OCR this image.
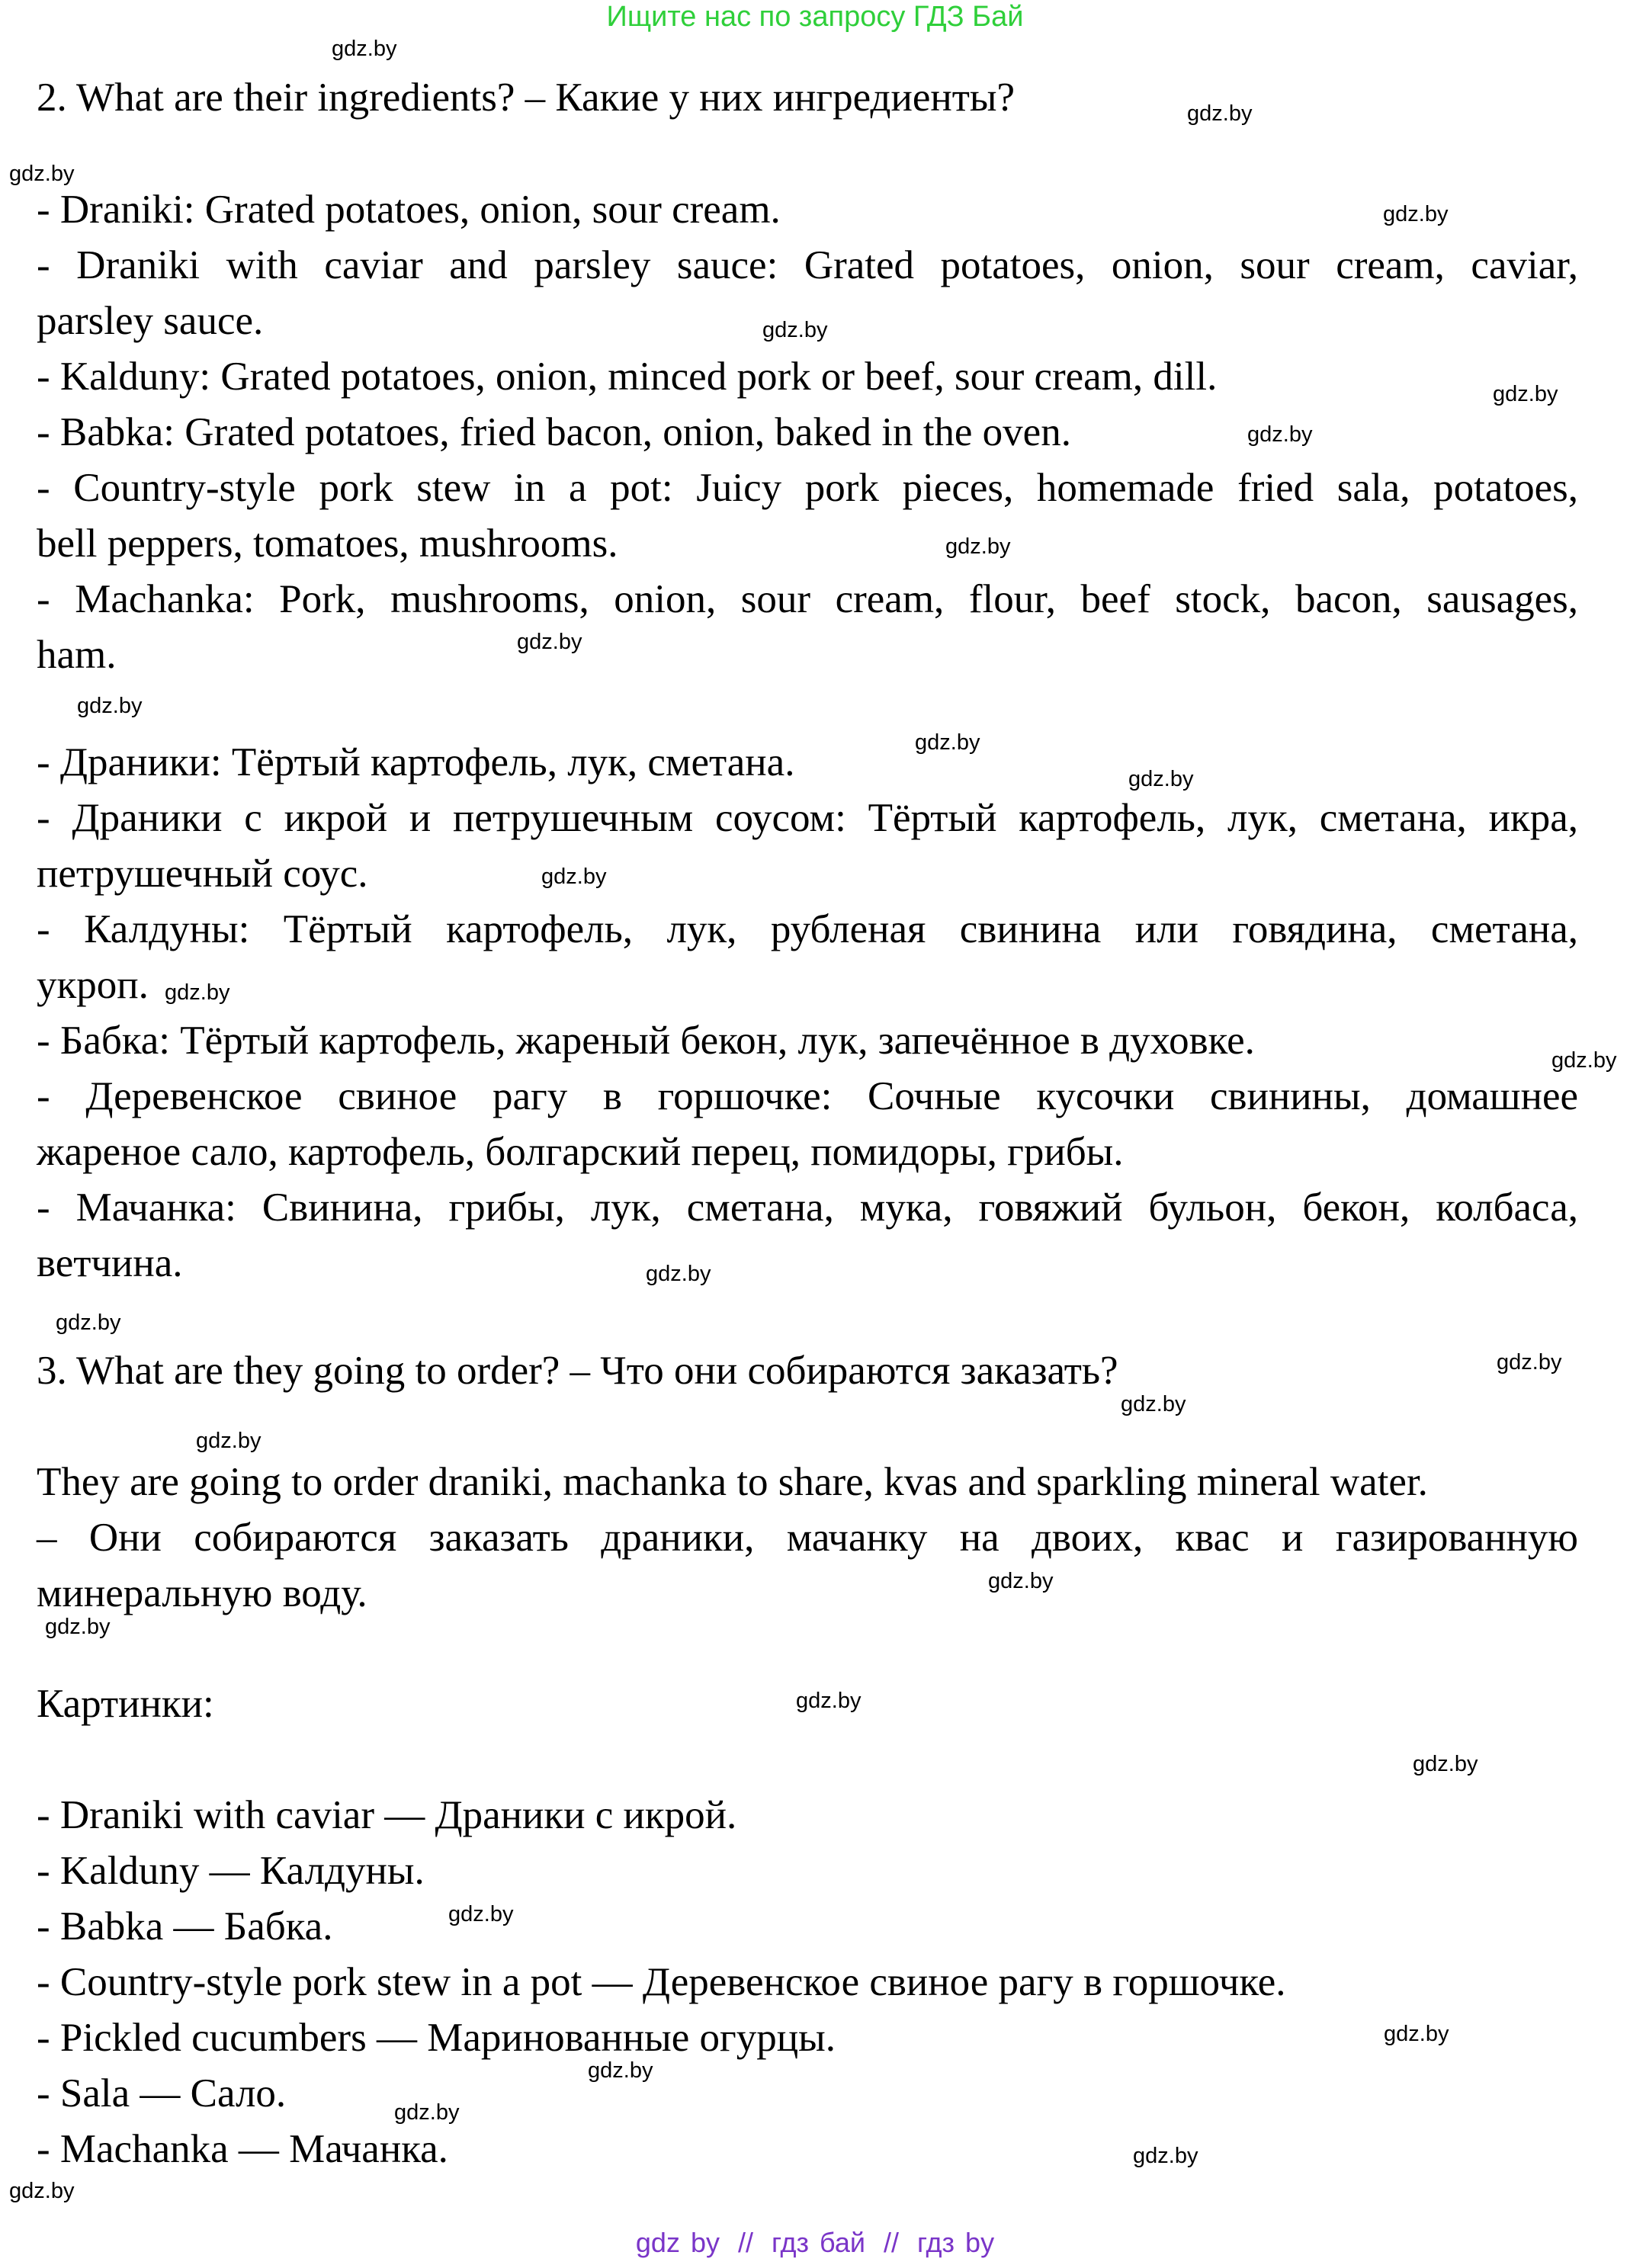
Ищите нас по запросу ГДЗ Бай
2. What are their ingredients? – Какие у них ингредиенты?
- Draniki: Grated potatoes, onion, sour cream.
- Draniki with caviar and parsley sauce: Grated potatoes, onion, sour cream, caviar,
parsley sauce.
- Kalduny: Grated potatoes, onion, minced pork or beef, sour cream, dill.
- Babka: Grated potatoes, fried bacon, onion, baked in the oven.
- Country-style pork stew in a pot: Juicy pork pieces, homemade fried sala, potatoes,
bell peppers, tomatoes, mushrooms.
- Machanka: Pork, mushrooms, onion, sour cream, flour, beef stock, bacon, sausages,
ham.
- Драники: Тёртый картофель, лук, сметана.
- Драники с икрой и петрушечным соусом: Тёртый картофель, лук, сметана, икра,
петрушечный соус.
- Калдуны: Тёртый картофель, лук, рубленая свинина или говядина, сметана,
укроп.
- Бабка: Тёртый картофель, жареный бекон, лук, запечённое в духовке.
- Деревенское свиное рагу в горшочке: Сочные кусочки свинины, домашнее
жареное сало, картофель, болгарский перец, помидоры, грибы.
- Мачанка: Свинина, грибы, лук, сметана, мука, говяжий бульон, бекон, колбаса,
ветчина.
3. What are they going to order? – Что они собираются заказать?
They are going to order draniki, machanka to share, kvas and sparkling mineral water.
– Они собираются заказать драники, мачанку на двоих, квас и газированную
минеральную воду.
Картинки:
- Draniki with caviar — Драники с икрой.
- Kalduny — Калдуны.
- Babka — Бабка.
- Country-style pork stew in a pot — Деревенское свиное рагу в горшочке.
- Pickled cucumbers — Маринованные огурцы.
- Sala — Сало.
- Machanka — Мачанка.
gdz.by
gdz.by
gdz.by
gdz.by
gdz.by
gdz.by
gdz.by
gdz.by
gdz.by
gdz.by
gdz.by
gdz.by
gdz.by
gdz.by
gdz.by
gdz.by
gdz.by
gdz.by
gdz.by
gdz.by
gdz.by
gdz.by
gdz.by
gdz.by
gdz.by
gdz.by
gdz.by
gdz.by
gdz.by
gdz.by
gdz by // гдз бай // гдз by
